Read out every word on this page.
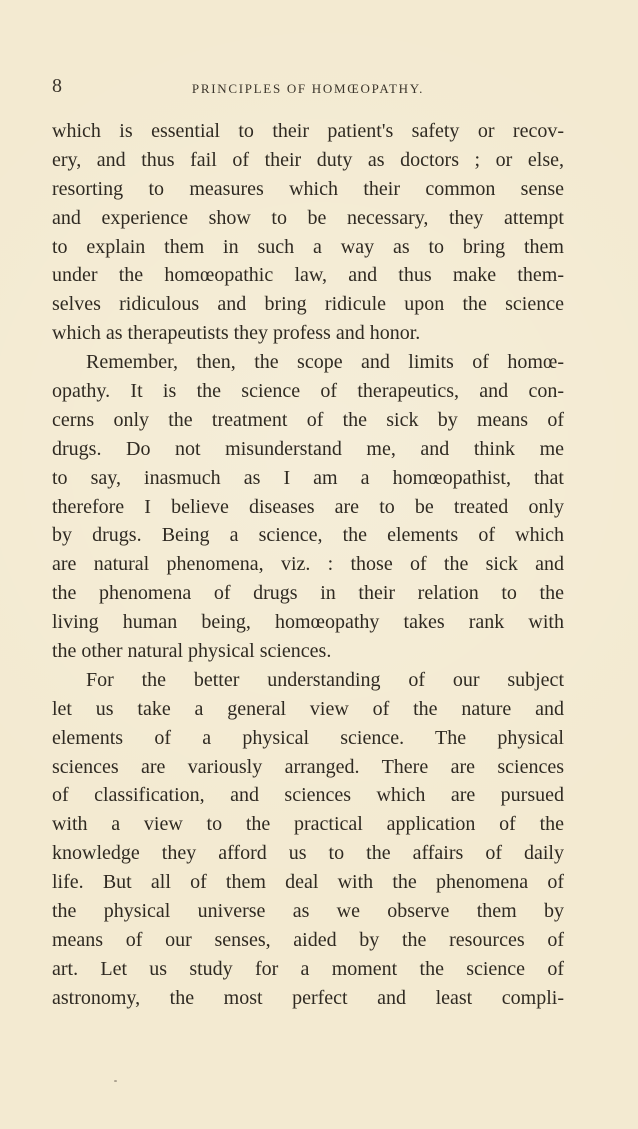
8	PRINCIPLES OF HOMŒOPATHY.
which is essential to their patient's safety or recov-
ery, and thus fail of their duty as doctors ; or else,
resorting to measures which their common sense
and experience show to be necessary, they attempt
to explain them in such a way as to bring them
under the homœopathic law, and thus make them-
selves ridiculous and bring ridicule upon the science
which as therapeutists they profess and honor.
Remember, then, the scope and limits of homœ-
opathy. It is the science of therapeutics, and con-
cerns only the treatment of the sick by means of
drugs. Do not misunderstand me, and think me
to say, inasmuch as I am a homœopathist, that
therefore I believe diseases are to be treated only
by drugs. Being a science, the elements of which
are natural phenomena, viz. : those of the sick and
the phenomena of drugs in their relation to the
living human being, homœopathy takes rank with
the other natural physical sciences.
For the better understanding of our subject
let us take a general view of the nature and
elements of a physical science. The physical
sciences are variously arranged. There are sciences
of classification, and sciences which are pursued
with a view to the practical application of the
knowledge they afford us to the affairs of daily
life. But all of them deal with the phenomena of
the physical universe as we observe them by
means of our senses, aided by the resources of
art. Let us study for a moment the science of
astronomy, the most perfect and least compli-
